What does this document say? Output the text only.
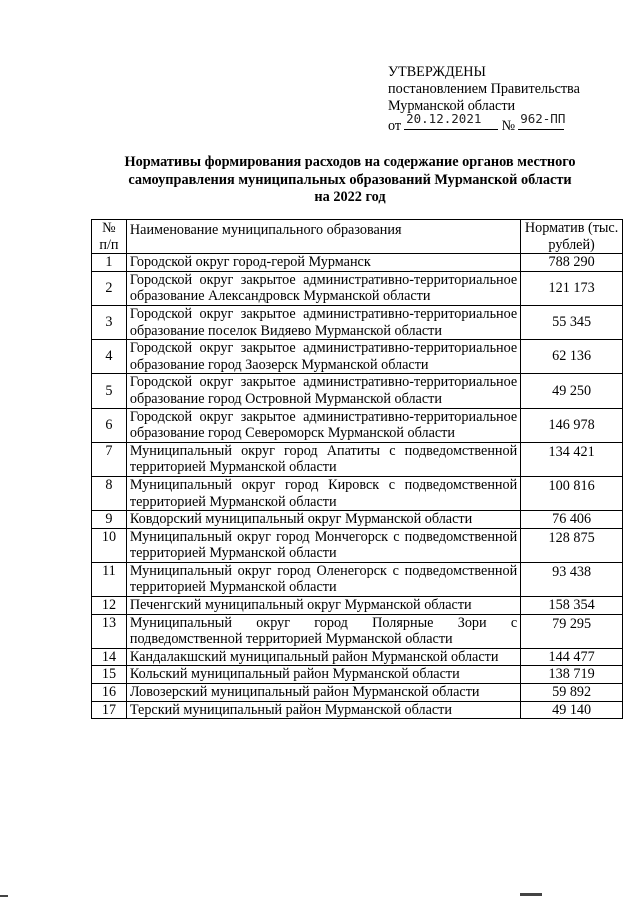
УТВЕРЖДЕНЫ
постановлением Правительства
Мурманской области
от 20.12.2021 № 962-ПП
Нормативы формирования расходов на содержание органов местного
самоуправления муниципальных образований Мурманской области
на 2022 год
№ п/п	Наименование муниципального образования	Норматив (тыс. рублей)
1	Городской округ город-герой Мурманск	788 290
2	Городской округ закрытое административно-территориальное образование Александровск Мурманской области	121 173
3	Городской округ закрытое административно-территориальное образование поселок Видяево Мурманской области	55 345
4	Городской округ закрытое административно-территориальное образование город Заозерск Мурманской области	62 136
5	Городской округ закрытое административно-территориальное образование город Островной Мурманской области	49 250
6	Городской округ закрытое административно-территориальное образование город Североморск Мурманской области	146 978
7	Муниципальный округ город Апатиты с подведомственной территорией Мурманской области	134 421
8	Муниципальный округ город Кировск с подведомственной территорией Мурманской области	100 816
9	Ковдорский муниципальный округ Мурманской области	76 406
10	Муниципальный округ город Мончегорск с подведомственной территорией Мурманской области	128 875
11	Муниципальный округ город Оленегорск с подведомственной территорией Мурманской области	93 438
12	Печенгский муниципальный округ Мурманской области	158 354
13	Муниципальный округ город Полярные Зори с подведомственной территорией Мурманской области	79 295
14	Кандалакшский муниципальный район Мурманской области	144 477
15	Кольский муниципальный район Мурманской области	138 719
16	Ловозерский муниципальный район Мурманской области	59 892
17	Терский муниципальный район Мурманской области	49 140
